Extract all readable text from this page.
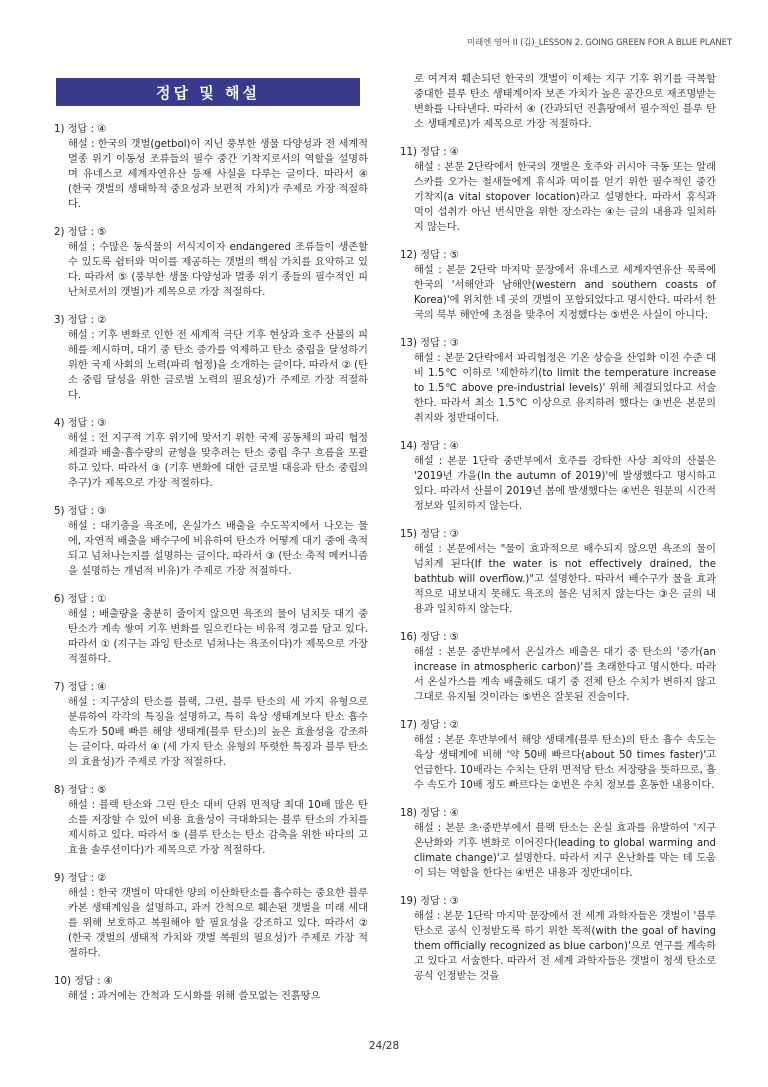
미래엔 영어 II (김)_LESSON 2. GOING GREEN FOR A BLUE PLANET
정답 및 해설

1) 정답 : ④

해설 : 한국의 갯벌(getbol)이 지닌 풍부한 생물 다양성과 전 세계적 멸종 위기 이동성 조류들의 필수 중간 기착지로서의 역할을 설명하며 유네스코 세계자연유산 등재 사실을 다루는 글이다. 따라서 ④ (한국 갯벌의 생태학적 중요성과 보편적 가치)가 주제로 가장 적절하다.

2) 정답 : ⑤

해설 : 수많은 동식물의 서식지이자 endangered 조류들이 생존할 수 있도록 쉼터와 먹이를 제공하는 갯벌의 핵심 가치를 요약하고 있다. 따라서 ⑤ (풍부한 생물 다양성과 멸종 위기 종들의 필수적인 피난처로서의 갯벌)가 제목으로 가장 적절하다.

3) 정답 : ②

해설 : 기후 변화로 인한 전 세계적 극단 기후 현상과 호주 산불의 피해를 제시하며, 대기 중 탄소 증가를 억제하고 탄소 중립을 달성하기 위한 국제 사회의 노력(파리 협정)을 소개하는 글이다. 따라서 ② (탄소 중립 달성을 위한 글로벌 노력의 필요성)가 주제로 가장 적절하다.

4) 정답 : ③

해설 : 전 지구적 기후 위기에 맞서기 위한 국제 공동체의 파리 협정 체결과 배출·흡수량의 균형을 맞추려는 탄소 중립 추구 흐름을 포괄하고 있다. 따라서 ③ (기후 변화에 대한 글로벌 대응과 탄소 중립의 추구)가 제목으로 가장 적절하다.

5) 정답 : ③

해설 : 대기층을 욕조에, 온실가스 배출을 수도꼭지에서 나오는 물에, 자연적 배출을 배수구에 비유하여 탄소가 어떻게 대기 중에 축적되고 넘쳐나는지를 설명하는 글이다. 따라서 ③ (탄소 축적 메커니즘을 설명하는 개념적 비유)가 주제로 가장 적절하다.

6) 정답 : ①

해설 : 배출량을 충분히 줄이지 않으면 욕조의 물이 넘치듯 대기 중 탄소가 계속 쌓여 기후 변화를 일으킨다는 비유적 경고를 담고 있다. 따라서 ① (지구는 과잉 탄소로 넘쳐나는 욕조이다)가 제목으로 가장 적절하다.

7) 정답 : ④

해설 : 지구상의 탄소를 블랙, 그린, 블루 탄소의 세 가지 유형으로 분류하여 각각의 특징을 설명하고, 특히 육상 생태계보다 탄소 흡수 속도가 50배 빠른 해양 생태계(블루 탄소)의 높은 효율성을 강조하는 글이다. 따라서 ④ (세 가지 탄소 유형의 뚜렷한 특징과 블루 탄소의 효율성)가 주제로 가장 적절하다.

8) 정답 : ⑤

해설 : 블랙 탄소와 그린 탄소 대비 단위 면적당 최대 10배 많은 탄소를 저장할 수 있어 비용 효율성이 극대화되는 블루 탄소의 가치를 제시하고 있다. 따라서 ⑤ (블루 탄소는 탄소 감축을 위한 바다의 고효율 솔루션이다)가 제목으로 가장 적절하다.

9) 정답 : ②

해설 : 한국 갯벌이 막대한 양의 이산화탄소를 흡수하는 중요한 블루 카본 생태계임을 설명하고, 과거 간척으로 훼손된 갯벌을 미래 세대를 위해 보호하고 복원해야 할 필요성을 강조하고 있다. 따라서 ② (한국 갯벌의 생태적 가치와 갯벌 복원의 필요성)가 주제로 가장 적절하다.

10) 정답 : ④

해설 : 과거에는 간척과 도시화를 위해 쓸모없는 진흙땅으

로 여겨져 훼손되던 한국의 갯벌이 이제는 지구 기후 위기를 극복할 중대한 블루 탄소 생태계이자 보존 가치가 높은 공간으로 재조명받는 변화를 나타낸다. 따라서 ④ (간과되던 진흙땅에서 필수적인 블루 탄소 생태계로)가 제목으로 가장 적절하다.

11) 정답 : ④

해설 : 본문 2단락에서 한국의 갯벌은 호주와 러시아 극동 또는 알래스카를 오가는 철새들에게 휴식과 먹이를 얻기 위한 필수적인 중간 기착지(a vital stopover location)라고 설명한다. 따라서 휴식과 먹이 섭취가 아닌 번식만을 위한 장소라는 ④는 글의 내용과 일치하지 않는다.

12) 정답 : ⑤

해설 : 본문 2단락 마지막 문장에서 유네스코 세계자연유산 목록에 한국의 '서해안과 남해안(western and southern coasts of Korea)'에 위치한 네 곳의 갯벌이 포함되었다고 명시한다. 따라서 한국의 북부 해안에 초점을 맞추어 지정했다는 ⑤번은 사실이 아니다.

13) 정답 : ③

해설 : 본문 2단락에서 파리협정은 기온 상승을 산업화 이전 수준 대비 1.5℃ 이하로 '제한하기(to limit the temperature increase to 1.5℃ above pre-industrial levels)' 위해 체결되었다고 서술한다. 따라서 최소 1.5℃ 이상으로 유지하려 했다는 ③번은 본문의 취지와 정반대이다.

14) 정답 : ④

해설 : 본문 1단락 중반부에서 호주를 강타한 사상 최악의 산불은 '2019년 가을(In the autumn of 2019)'에 발생했다고 명시하고 있다. 따라서 산불이 2019년 봄에 발생했다는 ④번은 원문의 시간적 정보와 일치하지 않는다.

15) 정답 : ③

해설 : 본문에서는 "물이 효과적으로 배수되지 않으면 욕조의 물이 넘치게 된다(If the water is not effectively drained, the bathtub will overflow.)"고 설명한다. 따라서 배수구가 물을 효과적으로 내보내지 못해도 욕조의 물은 넘치지 않는다는 ③은 글의 내용과 일치하지 않는다.

16) 정답 : ⑤

해설 : 본문 중반부에서 온실가스 배출은 대기 중 탄소의 '증가(an increase in atmospheric carbon)'를 초래한다고 명시한다. 따라서 온실가스를 계속 배출해도 대기 중 전체 탄소 수치가 변하지 않고 그대로 유지될 것이라는 ⑤번은 잘못된 진술이다.

17) 정답 : ②

해설 : 본문 후반부에서 해양 생태계(블루 탄소)의 탄소 흡수 속도는 육상 생태계에 비해 '약 50배 빠르다(about 50 times faster)'고 언급한다. 10배라는 수치는 단위 면적당 탄소 저장량을 뜻하므로, 흡수 속도가 10배 정도 빠르다는 ②번은 수치 정보를 혼동한 내용이다.

18) 정답 : ④

해설 : 본문 초·중반부에서 블랙 탄소는 온실 효과를 유발하여 '지구 온난화와 기후 변화로 이어진다(leading to global warming and climate change)'고 설명한다. 따라서 지구 온난화를 막는 데 도움이 되는 역할을 한다는 ④번은 내용과 정반대이다.

19) 정답 : ③

해설 : 본문 1단락 마지막 문장에서 전 세계 과학자들은 갯벌이 '블루 탄소로 공식 인정받도록 하기 위한 목적(with the goal of having them officially recognized as blue carbon)'으로 연구를 계속하고 있다고 서술한다. 따라서 전 세계 과학자들은 갯벌이 청색 탄소로 공식 인정받는 것을

24/28
